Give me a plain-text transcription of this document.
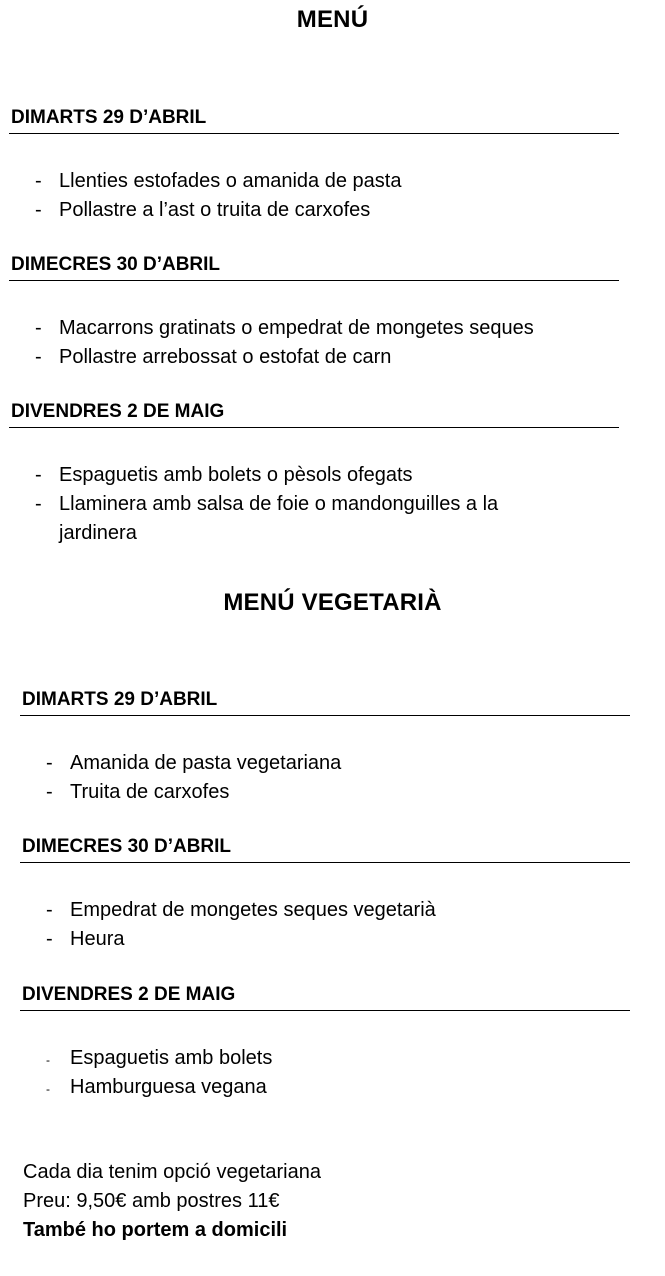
MENÚ
DIMARTS 29 D’ABRIL
- Llenties estofades o amanida de pasta
- Pollastre a l’ast o truita de carxofes
DIMECRES 30 D’ABRIL
- Macarrons gratinats o empedrat de mongetes seques
- Pollastre arrebossat o estofat de carn
DIVENDRES 2 DE MAIG
- Espaguetis amb bolets o pèsols ofegats
- Llaminera amb salsa de foie o mandonguilles a la jardinera
MENÚ VEGETARIÀ
DIMARTS 29 D’ABRIL
- Amanida de pasta vegetariana
- Truita de carxofes
DIMECRES 30 D’ABRIL
- Empedrat de mongetes seques vegetarià
- Heura
DIVENDRES 2 DE MAIG
- Espaguetis amb bolets
- Hamburguesa vegana
Cada dia tenim opció vegetariana
Preu: 9,50€ amb postres 11€
També ho portem a domicili
